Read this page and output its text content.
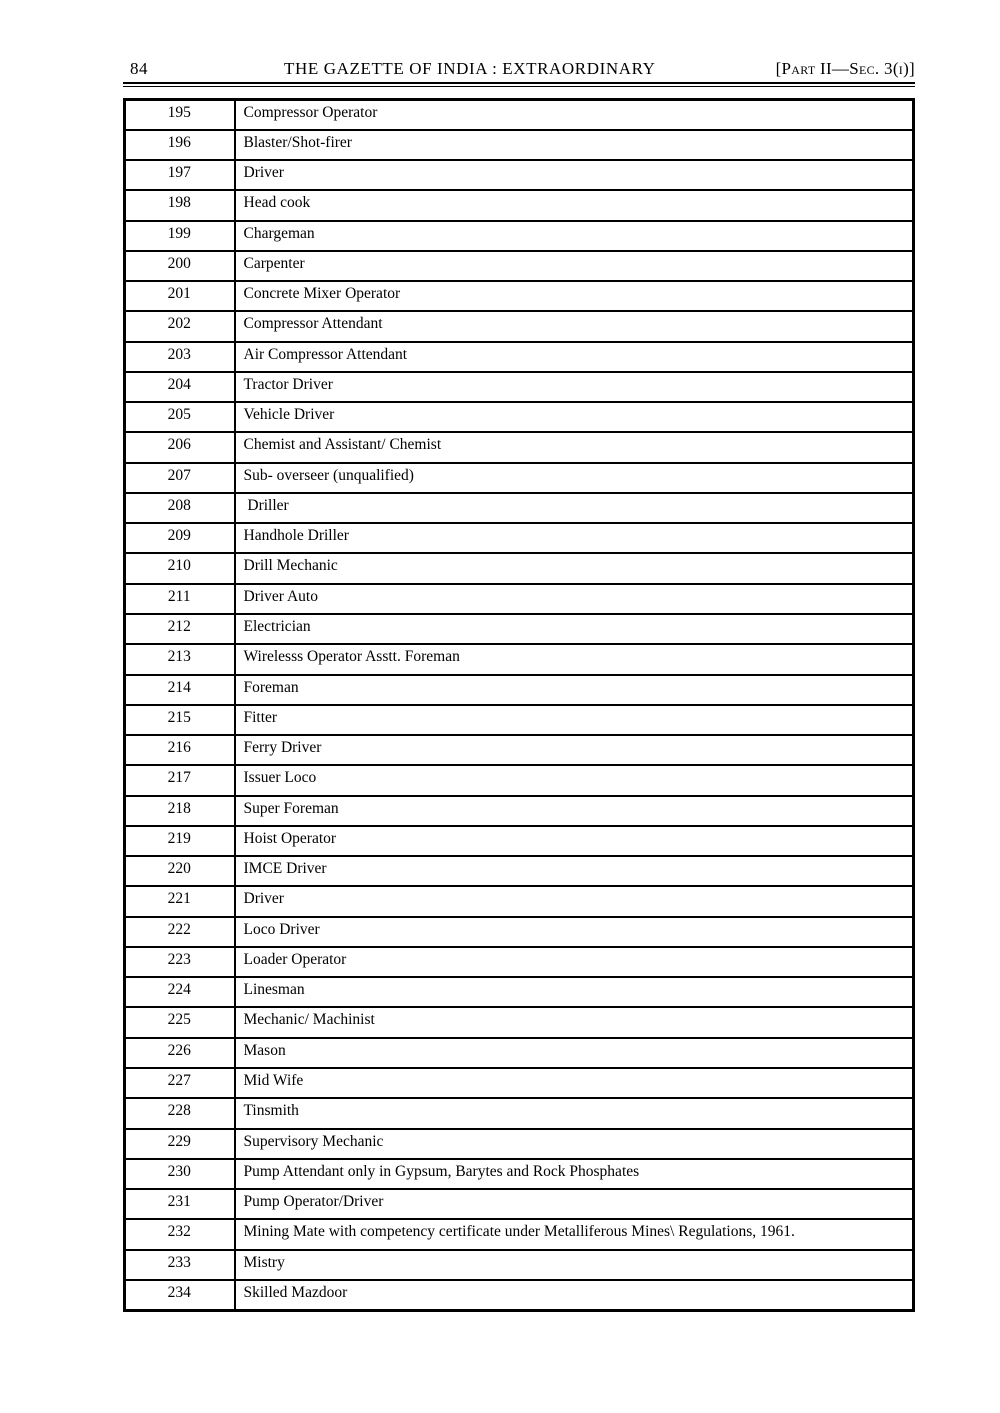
84	THE GAZETTE OF INDIA : EXTRAORDINARY	[Part II—Sec. 3(i)]
195	Compressor Operator
196	Blaster/Shot-firer
197	Driver
198	Head cook
199	Chargeman
200	Carpenter
201	Concrete Mixer Operator
202	Compressor Attendant
203	Air Compressor Attendant
204	Tractor Driver
205	Vehicle Driver
206	Chemist and Assistant/ Chemist
207	Sub- overseer (unqualified)
208	Driller
209	Handhole Driller
210	Drill Mechanic
211	Driver Auto
212	Electrician
213	Wirelesss Operator Asstt. Foreman
214	Foreman
215	Fitter
216	Ferry Driver
217	Issuer Loco
218	Super Foreman
219	Hoist Operator
220	IMCE Driver
221	Driver
222	Loco Driver
223	Loader Operator
224	Linesman
225	Mechanic/ Machinist
226	Mason
227	Mid Wife
228	Tinsmith
229	Supervisory Mechanic
230	Pump Attendant only in Gypsum, Barytes and Rock Phosphates
231	Pump Operator/Driver
232	Mining Mate with competency certificate under Metalliferous Mines\ Regulations, 1961.
233	Mistry
234	Skilled Mazdoor
